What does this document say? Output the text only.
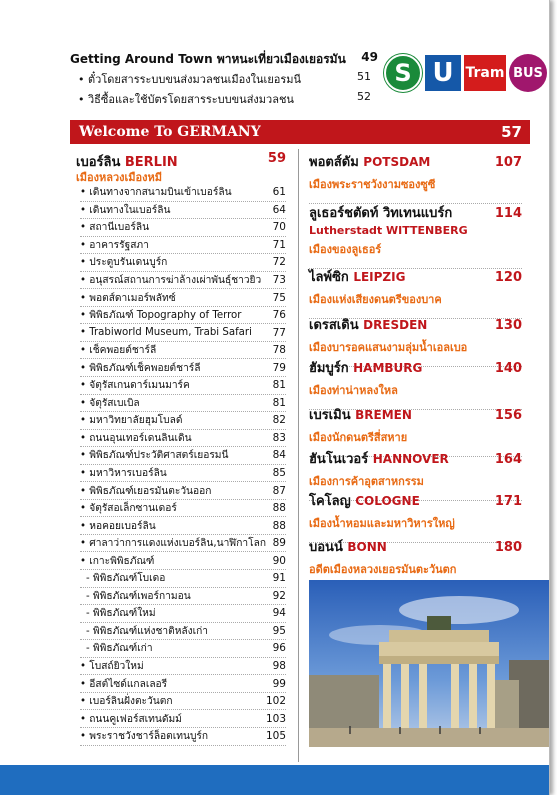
Getting Around Town พาหนะเที่ยวเมืองเยอรมัน 49
• ตั๋วโดยสารระบบขนส่งมวลชนเมืองในเยอรมนี	51
• วิธีซื้อและใช้บัตรโดยสารระบบขนส่งมวลชน	52
S U Tram BUS
Welcome To GERMANY	57
เบอร์ลิน BERLIN	59
เมืองหลวงเมืองหมี
• เดินทางจากสนามบินเข้าเบอร์ลิน	61
• เดินทางในเบอร์ลิน	64
• สถานีเบอร์ลิน	70
• อาคารรัฐสภา	71
• ประตูบรันเดนบูร์ก	72
• อนุสรณ์สถานการฆ่าล้างเผ่าพันธุ์ชาวยิว 73
• พอตส์ดาเมอร์พลัทซ์	75
• พิพิธภัณฑ์ Topography of Terror	76
• Trabiworld Museum, Trabi Safari 77
• เช็คพอยต์ชาร์ลี	78
• พิพิธภัณฑ์เช็คพอยต์ชาร์ลี	79
• จัตุรัสเกนดาร์เมนมาร์ค	81
• จัตุรัสเบเบิล	81
• มหาวิทยาลัยฮุมโบลด์	82
• ถนนอุนเทอร์เดนลินเดิน	83
• พิพิธภัณฑ์ประวัติศาสตร์เยอรมนี	84
• มหาวิหารเบอร์ลิน	85
• พิพิธภัณฑ์เยอรมันตะวันออก	87
• จัตุรัสอเล็กซานเดอร์	88
• หอคอยเบอร์ลิน	88
• ศาลาว่าการแดงแห่งเบอร์ลิน,นาฬิกาโลก 89
• เกาะพิพิธภัณฑ์	90
- พิพิธภัณฑ์โบเดอ	91
- พิพิธภัณฑ์เพอร์กามอน	92
- พิพิธภัณฑ์ใหม่	94
- พิพิธภัณฑ์แห่งชาติหลังเก่า	95
- พิพิธภัณฑ์เก่า	96
• โบสถ์ยิวใหม่	98
• อีสต์ไซด์แกลเลอรี	99
• เบอร์ลินฝั่งตะวันตก	102
• ถนนคูเฟอร์สเทนดัมม์	103
• พระราชวังชาร์ล็อตเทนบูร์ก	105
พอตส์ดัม POTSDAM	107
เมืองพระราชวังงามซองซูซี
ลูเธอร์ชตัดท์ วิทเทนแบร์ก	114
Lutherstadt WITTENBERG
เมืองของลูเธอร์
ไลพ์ซิก LEIPZIG	120
เมืองแห่งเสียงดนตรีของบาค
เดรสเดิน DRESDEN	130
เมืองบารอคแสนงามลุ่มน้ำเอลเบอ
ฮัมบูร์ก HAMBURG	140
เมืองท่าน่าหลงใหล
เบรเมิน BREMEN	156
เมืองนักดนตรีสี่สหาย
ฮันโนเวอร์ HANNOVER	164
เมืองการค้าอุตสาหกรรม
โคโลญ COLOGNE	171
เมืองน้ำหอมและมหาวิหารใหญ่
บอนน์ BONN	180
อดีตเมืองหลวงเยอรมันตะวันตก
